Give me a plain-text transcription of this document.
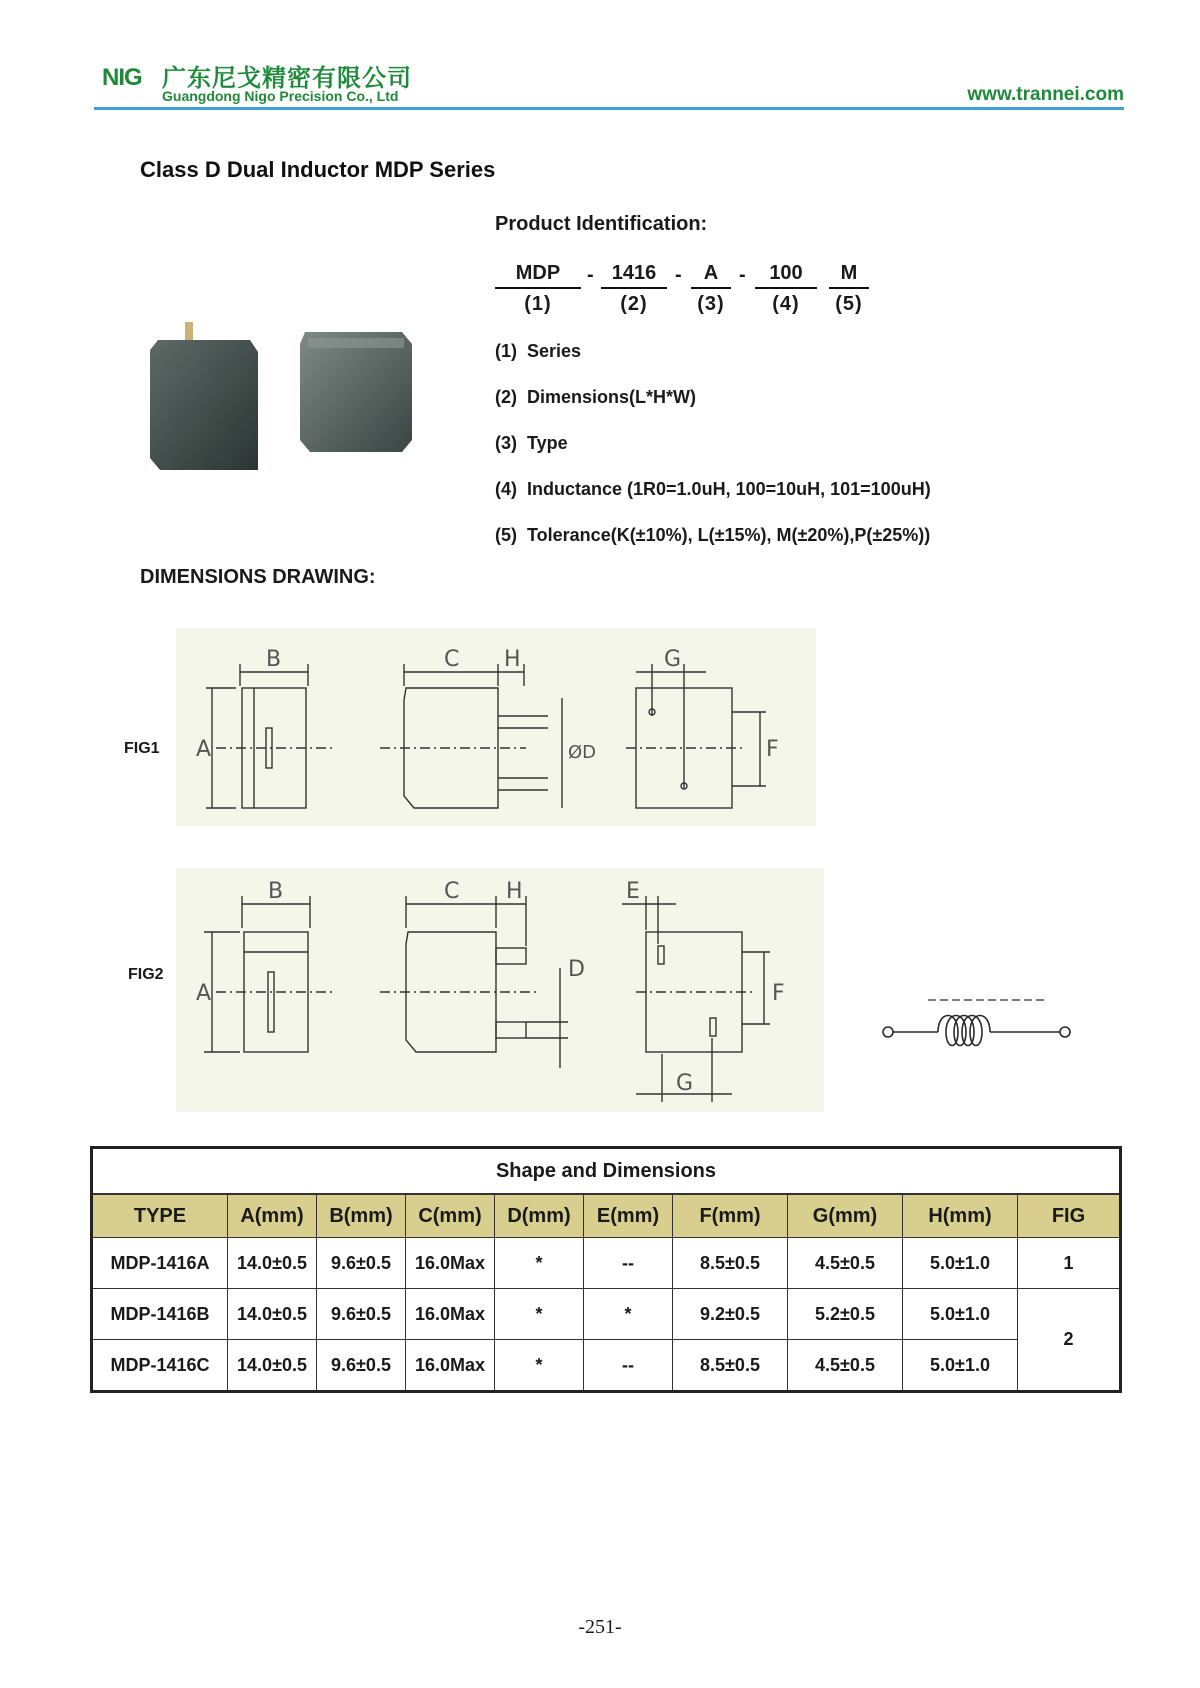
NIG 广东尼戈精密有限公司
Guangdong Nigo Precision Co., Ltd	www.trannei.com
Class D Dual Inductor MDP Series
Product Identification:
MDP
(1)
- 1416
(2)
-	A
(3)
-	100
(4)
M
(5)
(1) Series
(2) Dimensions(L*H*W)
(3) Type
(4) Inductance (1R0=1.0uH, 100=10uH, 101=100uH)
(5) Tolerance(K(±10%), L(±15%), M(±20%),P(±25%))
DIMENSIONS DRAWING:
FIG1
FIG2
B	C H	G
A	ØD	F
B	C H	E
A
D
F
G
Shape and Dimensions									
TYPE	A(mm)	B(mm)	C(mm)	D(mm)	E(mm)	F(mm)	G(mm)	H(mm)	FIG
MDP-1416A	14.0±0.5	9.6±0.5	16.0Max	*	--	8.5±0.5	4.5±0.5	5.0±1.0	1
MDP-1416B	14.0±0.5	9.6±0.5	16.0Max	*	*	9.2±0.5	5.2±0.5	5.0±1.0	2
MDP-1416C	14.0±0.5	9.6±0.5	16.0Max	*	--	8.5±0.5	4.5±0.5	5.0±1.0	
-251-
